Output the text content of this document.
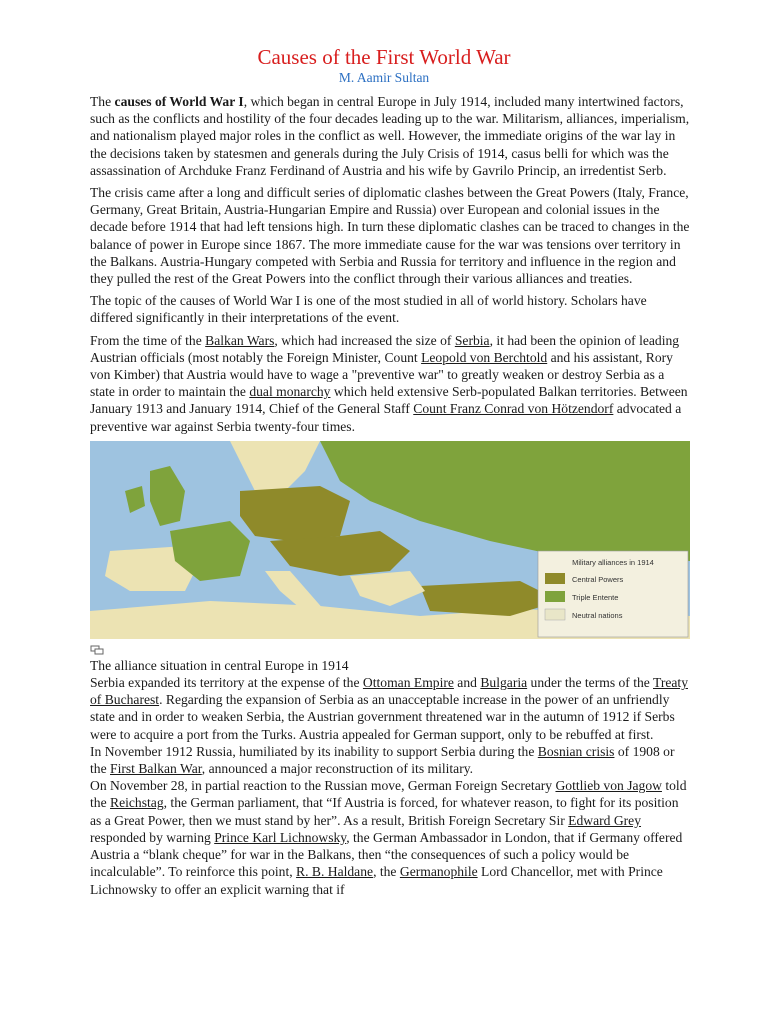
Causes of the First World War
M. Aamir Sultan

The causes of World War I, which began in central Europe in July 1914, included many intertwined factors, such as the conflicts and hostility of the four decades leading up to the war. Militarism, alliances, imperialism, and nationalism played major roles in the conflict as well. However, the immediate origins of the war lay in the decisions taken by statesmen and generals during the July Crisis of 1914, casus belli for which was the assassination of Archduke Franz Ferdinand of Austria and his wife by Gavrilo Princip, an irredentist Serb.

The crisis came after a long and difficult series of diplomatic clashes between the Great Powers (Italy, France, Germany, Great Britain, Austria-Hungarian Empire and Russia) over European and colonial issues in the decade before 1914 that had left tensions high. In turn these diplomatic clashes can be traced to changes in the balance of power in Europe since 1867. The more immediate cause for the war was tensions over territory in the Balkans. Austria-Hungary competed with Serbia and Russia for territory and influence in the region and they pulled the rest of the Great Powers into the conflict through their various alliances and treaties.

The topic of the causes of World War I is one of the most studied in all of world history. Scholars have differed significantly in their interpretations of the event.

From the time of the Balkan Wars, which had increased the size of Serbia, it had been the opinion of leading Austrian officials (most notably the Foreign Minister, Count Leopold von Berchtold and his assistant, Rory von Kimber) that Austria would have to wage a "preventive war" to greatly weaken or destroy Serbia as a state in order to maintain the dual monarchy which held extensive Serb-populated Balkan territories. Between January 1913 and January 1914, Chief of the General Staff Count Franz Conrad von Hötzendorf advocated a preventive war against Serbia twenty-four times.

Military alliances in 1914
Central Powers
Triple Entente
Neutral nations

The alliance situation in central Europe in 1914

Serbia expanded its territory at the expense of the Ottoman Empire and Bulgaria under the terms of the Treaty of Bucharest. Regarding the expansion of Serbia as an unacceptable increase in the power of an unfriendly state and in order to weaken Serbia, the Austrian government threatened war in the autumn of 1912 if Serbs were to acquire a port from the Turks. Austria appealed for German support, only to be rebuffed at first.

In November 1912 Russia, humiliated by its inability to support Serbia during the Bosnian crisis of 1908 or the First Balkan War, announced a major reconstruction of its military.

On November 28, in partial reaction to the Russian move, German Foreign Secretary Gottlieb von Jagow told the Reichstag, the German parliament, that “If Austria is forced, for whatever reason, to fight for its position as a Great Power, then we must stand by her”. As a result, British Foreign Secretary Sir Edward Grey responded by warning Prince Karl Lichnowsky, the German Ambassador in London, that if Germany offered Austria a “blank cheque” for war in the Balkans, then “the consequences of such a policy would be incalculable”. To reinforce this point, R. B. Haldane, the Germanophile Lord Chancellor, met with Prince Lichnowsky to offer an explicit warning that if
